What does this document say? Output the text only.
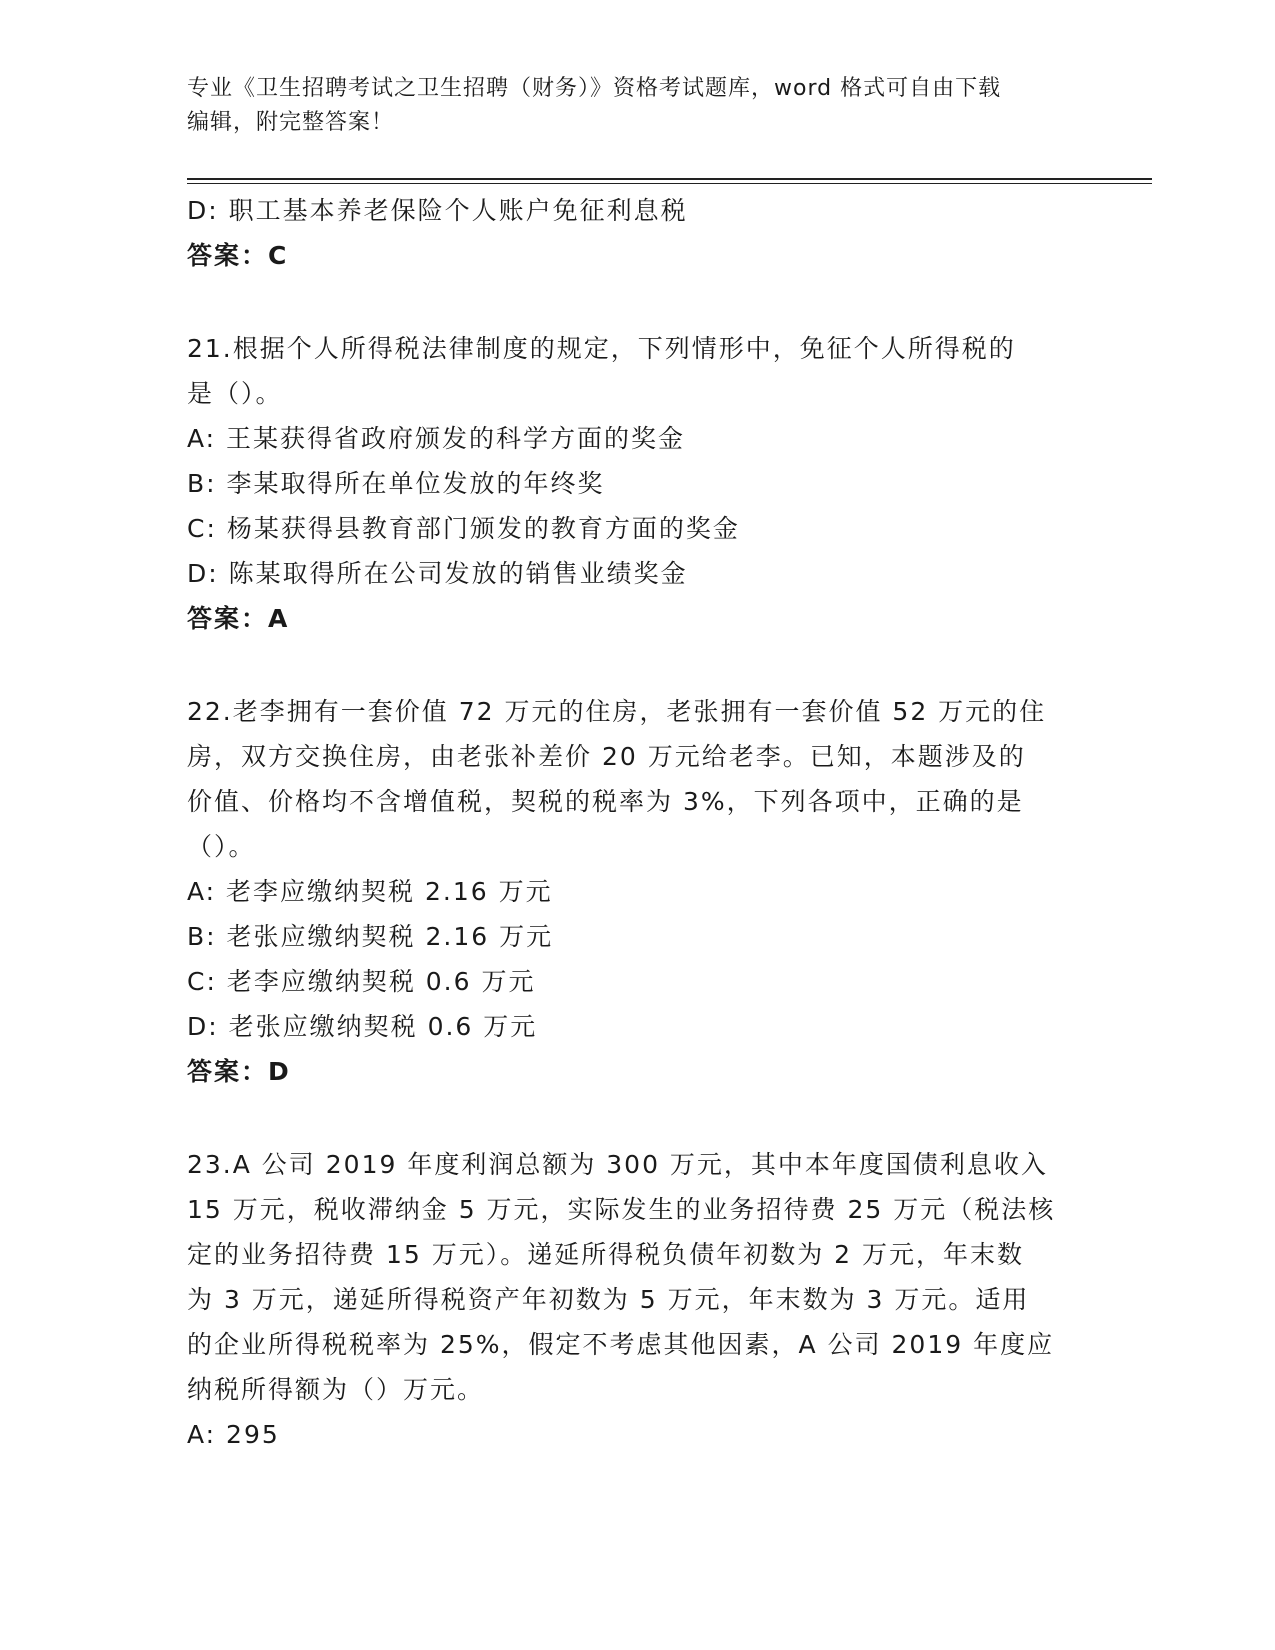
专业《卫生招聘考试之卫生招聘（财务）》资格考试题库，word 格式可自由下载
编辑，附完整答案！

D: 职工基本养老保险个人账户免征利息税

答案：C

21.根据个人所得税法律制度的规定，下列情形中，免征个人所得税的

是（）。

A: 王某获得省政府颁发的科学方面的奖金

B: 李某取得所在单位发放的年终奖

C: 杨某获得县教育部门颁发的教育方面的奖金

D: 陈某取得所在公司发放的销售业绩奖金

答案：A

22.老李拥有一套价值 72 万元的住房，老张拥有一套价值 52 万元的住

房，双方交换住房，由老张补差价 20 万元给老李。已知，本题涉及的

价值、价格均不含增值税，契税的税率为 3%，下列各项中，正确的是

（）。

A: 老李应缴纳契税 2.16 万元

B: 老张应缴纳契税 2.16 万元

C: 老李应缴纳契税 0.6 万元

D: 老张应缴纳契税 0.6 万元

答案：D

23.A 公司 2019 年度利润总额为 300 万元，其中本年度国债利息收入

15 万元，税收滞纳金 5 万元，实际发生的业务招待费 25 万元（税法核

定的业务招待费 15 万元）。递延所得税负债年初数为 2 万元，年末数

为 3 万元，递延所得税资产年初数为 5 万元，年末数为 3 万元。适用

的企业所得税税率为 25%，假定不考虑其他因素，A 公司 2019 年度应

纳税所得额为（）万元。

A: 295
